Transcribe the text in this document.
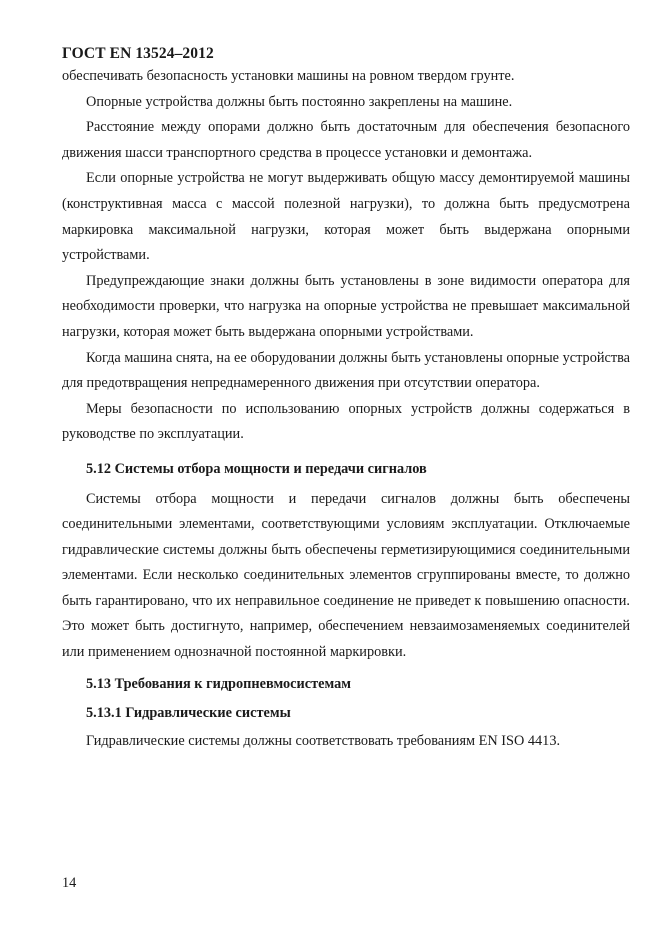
ГОСТ EN 13524–2012

обеспечивать безопасность установки машины на ровном твердом грунте.

Опорные устройства должны быть постоянно закреплены на машине.

Расстояние между опорами должно быть достаточным для обеспечения безопасного движения шасси транспортного средства в процессе установки и демонтажа.

Если опорные устройства не могут выдерживать общую массу демонтируемой машины (конструктивная масса с массой полезной нагрузки), то должна быть предусмотрена маркировка максимальной нагрузки, которая может быть выдержана опорными устройствами.

Предупреждающие знаки должны быть установлены в зоне видимости оператора для необходимости проверки, что нагрузка на опорные устройства не превышает максимальной нагрузки, которая может быть выдержана опорными устройствами.

Когда машина снята, на ее оборудовании должны быть установлены опорные устройства для предотвращения непреднамеренного движения при отсутствии оператора.

Меры безопасности по использованию опорных устройств должны содержаться в руководстве по эксплуатации.

5.12 Системы отбора мощности и передачи сигналов

Системы отбора мощности и передачи сигналов должны быть обеспечены соединительными элементами, соответствующими условиям эксплуатации. Отключаемые гидравлические системы должны быть обеспечены герметизирующимися соединительными элементами. Если несколько соединительных элементов сгруппированы вместе, то должно быть гарантировано, что их неправильное соединение не приведет к повышению опасности. Это может быть достигнуто, например, обеспечением невзаимозаменяемых соединителей или применением однозначной постоянной маркировки.

5.13 Требования к гидропневмосистемам
5.13.1 Гидравлические системы

Гидравлические системы должны соответствовать требованиям EN ISO 4413.

14
